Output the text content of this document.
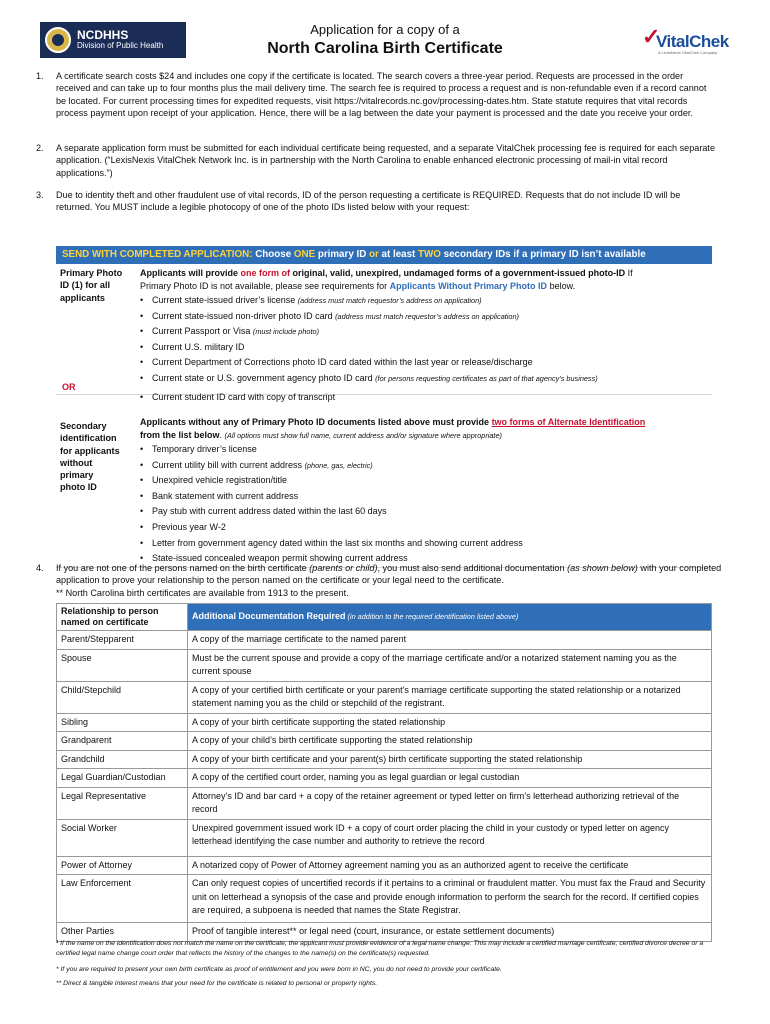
NCDHHS
Division of Public Health
Application for a copy of a
North Carolina Birth Certificate	✓
VitalChek
A LexisNexis VitalChek Company
1. A certificate search costs $24 and includes one copy if the certificate is located. The search covers a three-year period. Requests are processed in the order received and can take up to four months plus the mail delivery time. The search fee is required to process a request and is non-refundable even if a record cannot be located. For current processing times for expedited requests, visit https://vitalrecords.nc.gov/processing-dates.htm. State statute requires that vital records process payment upon receipt of your application. Hence, there will be a lag between the date your payment is processed and the date you receive your order.
2. A separate application form must be submitted for each individual certificate being requested, and a separate VitalChek processing fee is required for each separate application. (“LexisNexis VitalChek Network Inc. is in partnership with the North Carolina to enable enhanced electronic processing of mail-in vital record applications.”)
3. Due to identity theft and other fraudulent use of vital records, ID of the person requesting a certificate is REQUIRED. Requests that do not include ID will be returned. You MUST include a legible photocopy of one of the photo IDs listed below with your request:
SEND WITH COMPLETED APPLICATION: Choose ONE primary ID or at least TWO secondary IDs if a primary ID isn’t available
Primary Photo
ID (1) for all
applicants
Applicants will provide one form of original, valid, unexpired, undamaged forms of a government-issued photo-ID If
Primary Photo ID is not available, please see requirements for Applicants Without Primary Photo ID below.
• Current state-issued driver’s license (address must match requestor’s address on application)
• Current state-issued non-driver photo ID card (address must match requestor’s address on application)
• Current Passport or Visa (must include photo)
• Current U.S. military ID
• Current Department of Corrections photo ID card dated within the last year or release/discharge
• Current state or U.S. government agency photo ID card (for persons requesting certificates as part of that agency’s business)
• Current student ID card with copy of transcript
Secondary
identification
for applicants
without
primary
photo ID
Applicants without any of Primary Photo ID documents listed above must provide two forms of Alternate Identification
from the list below. (All options must show full name, current address and/or signature where appropriate)
• Temporary driver’s license
• Current utility bill with current address (phone, gas, electric)
• Unexpired vehicle registration/title
• Bank statement with current address
• Pay stub with current address dated within the last 60 days
• Previous year W-2
• Letter from government agency dated within the last six months and showing current address
• State-issued concealed weapon permit showing current address
OR
4. If you are not one of the persons named on the birth certificate (parents or child), you must also send additional documentation (as shown below) with your completed application to prove your relationship to the person named on the certificate or your legal need to the certificate.
** North Carolina birth certificates are available from 1913 to the present.
Relationship to person named on certificate	Additional Documentation Required (in addition to the required identification listed above)
Parent/Stepparent	A copy of the marriage certificate to the named parent
Spouse	Must be the current spouse and provide a copy of the marriage certificate and/or a notarized statement naming you as the current spouse
Child/Stepchild	A copy of your certified birth certificate or your parent’s marriage certificate supporting the stated relationship or a notarized statement naming you as the child or stepchild of the registrant.
Sibling	A copy of your birth certificate supporting the stated relationship
Grandparent	A copy of your child’s birth certificate supporting the stated relationship
Grandchild	A copy of your birth certificate and your parent(s) birth certificate supporting the stated relationship
Legal Guardian/Custodian	A copy of the certified court order, naming you as legal guardian or legal custodian
Legal Representative	Attorney’s ID and bar card + a copy of the retainer agreement or typed letter on firm’s letterhead authorizing retrieval of the record
Social Worker	Unexpired government issued work ID + a copy of court order placing the child in your custody or typed letter on agency letterhead identifying the case number and authority to retrieve the record
Power of Attorney	A notarized copy of Power of Attorney agreement naming you as an authorized agent to receive the certificate
Law Enforcement	Can only request copies of uncertified records if it pertains to a criminal or fraudulent matter. You must fax the Fraud and Security unit on letterhead a synopsis of the case and provide enough information to perform the search for the record. If certified copies are required, a subpoena is needed that names the State Registrar.
Other Parties	Proof of tangible interest** or legal need (court, insurance, or estate settlement documents)
¹ If the name on the identification does not match the name on the certificate, the applicant must provide evidence of a legal name change. This may include a certified marriage certificate, certified divorce decree or a certified legal name change court order that reflects the history of the changes to the name(s) on the certificate(s) requested.
* If you are required to present your own birth certificate as proof of entitlement and you were born in NC, you do not need to provide your certificate.
** Direct & tangible interest means that your need for the certificate is related to personal or property rights.
